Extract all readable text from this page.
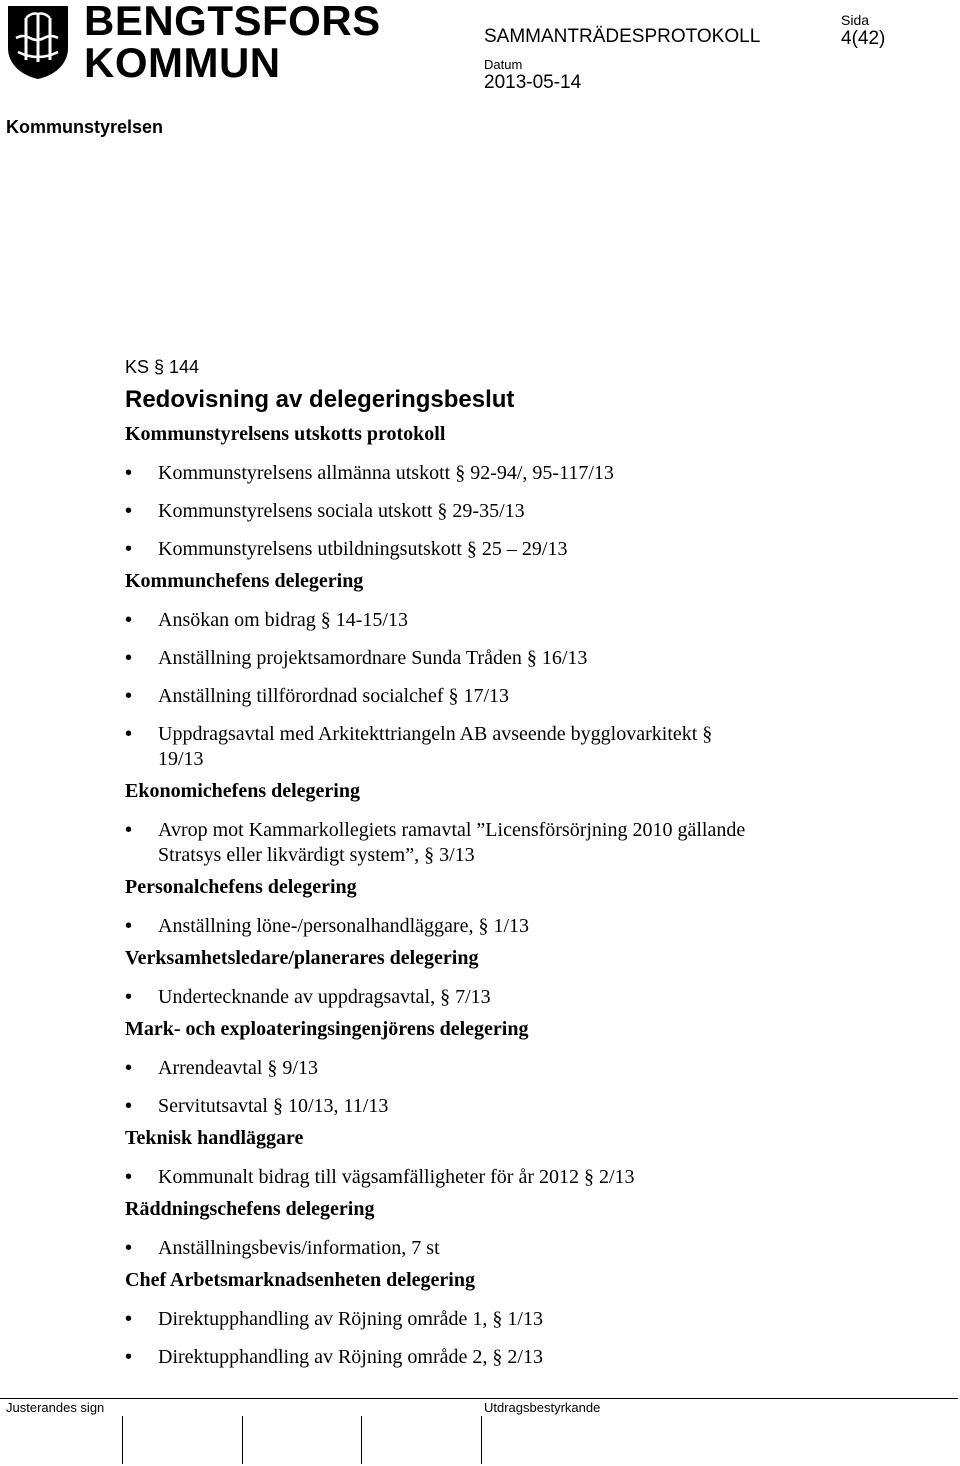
BENGTSFORS
KOMMUN
SAMMANTRÄDESPROTOKOLL
Sida
4(42)
Datum
2013-05-14
Kommunstyrelsen
KS § 144
Redovisning av delegeringsbeslut
Kommunstyrelsens utskotts protokoll
• Kommunstyrelsens allmänna utskott § 92-94/, 95-117/13
• Kommunstyrelsens sociala utskott § 29-35/13
• Kommunstyrelsens utbildningsutskott § 25 – 29/13
Kommunchefens delegering
• Ansökan om bidrag § 14-15/13
• Anställning projektsamordnare Sunda Tråden § 16/13
• Anställning tillförordnad socialchef § 17/13
• Uppdragsavtal med Arkitekttriangeln AB avseende bygglovarkitekt §
19/13
Ekonomichefens delegering
• Avrop mot Kammarkollegiets ramavtal ”Licensförsörjning 2010 gällande
Stratsys eller likvärdigt system”, § 3/13
Personalchefens delegering
• Anställning löne-/personalhandläggare, § 1/13
Verksamhetsledare/planerares delegering
• Undertecknande av uppdragsavtal, § 7/13
Mark- och exploateringsingenjörens delegering
• Arrendeavtal § 9/13
• Servitutsavtal § 10/13, 11/13
Teknisk handläggare
• Kommunalt bidrag till vägsamfälligheter för år 2012 § 2/13
Räddningschefens delegering
• Anställningsbevis/information, 7 st
Chef Arbetsmarknadsenheten delegering
• Direktupphandling av Röjning område 1, § 1/13
• Direktupphandling av Röjning område 2, § 2/13
Justerandes sign	Utdragsbestyrkande
